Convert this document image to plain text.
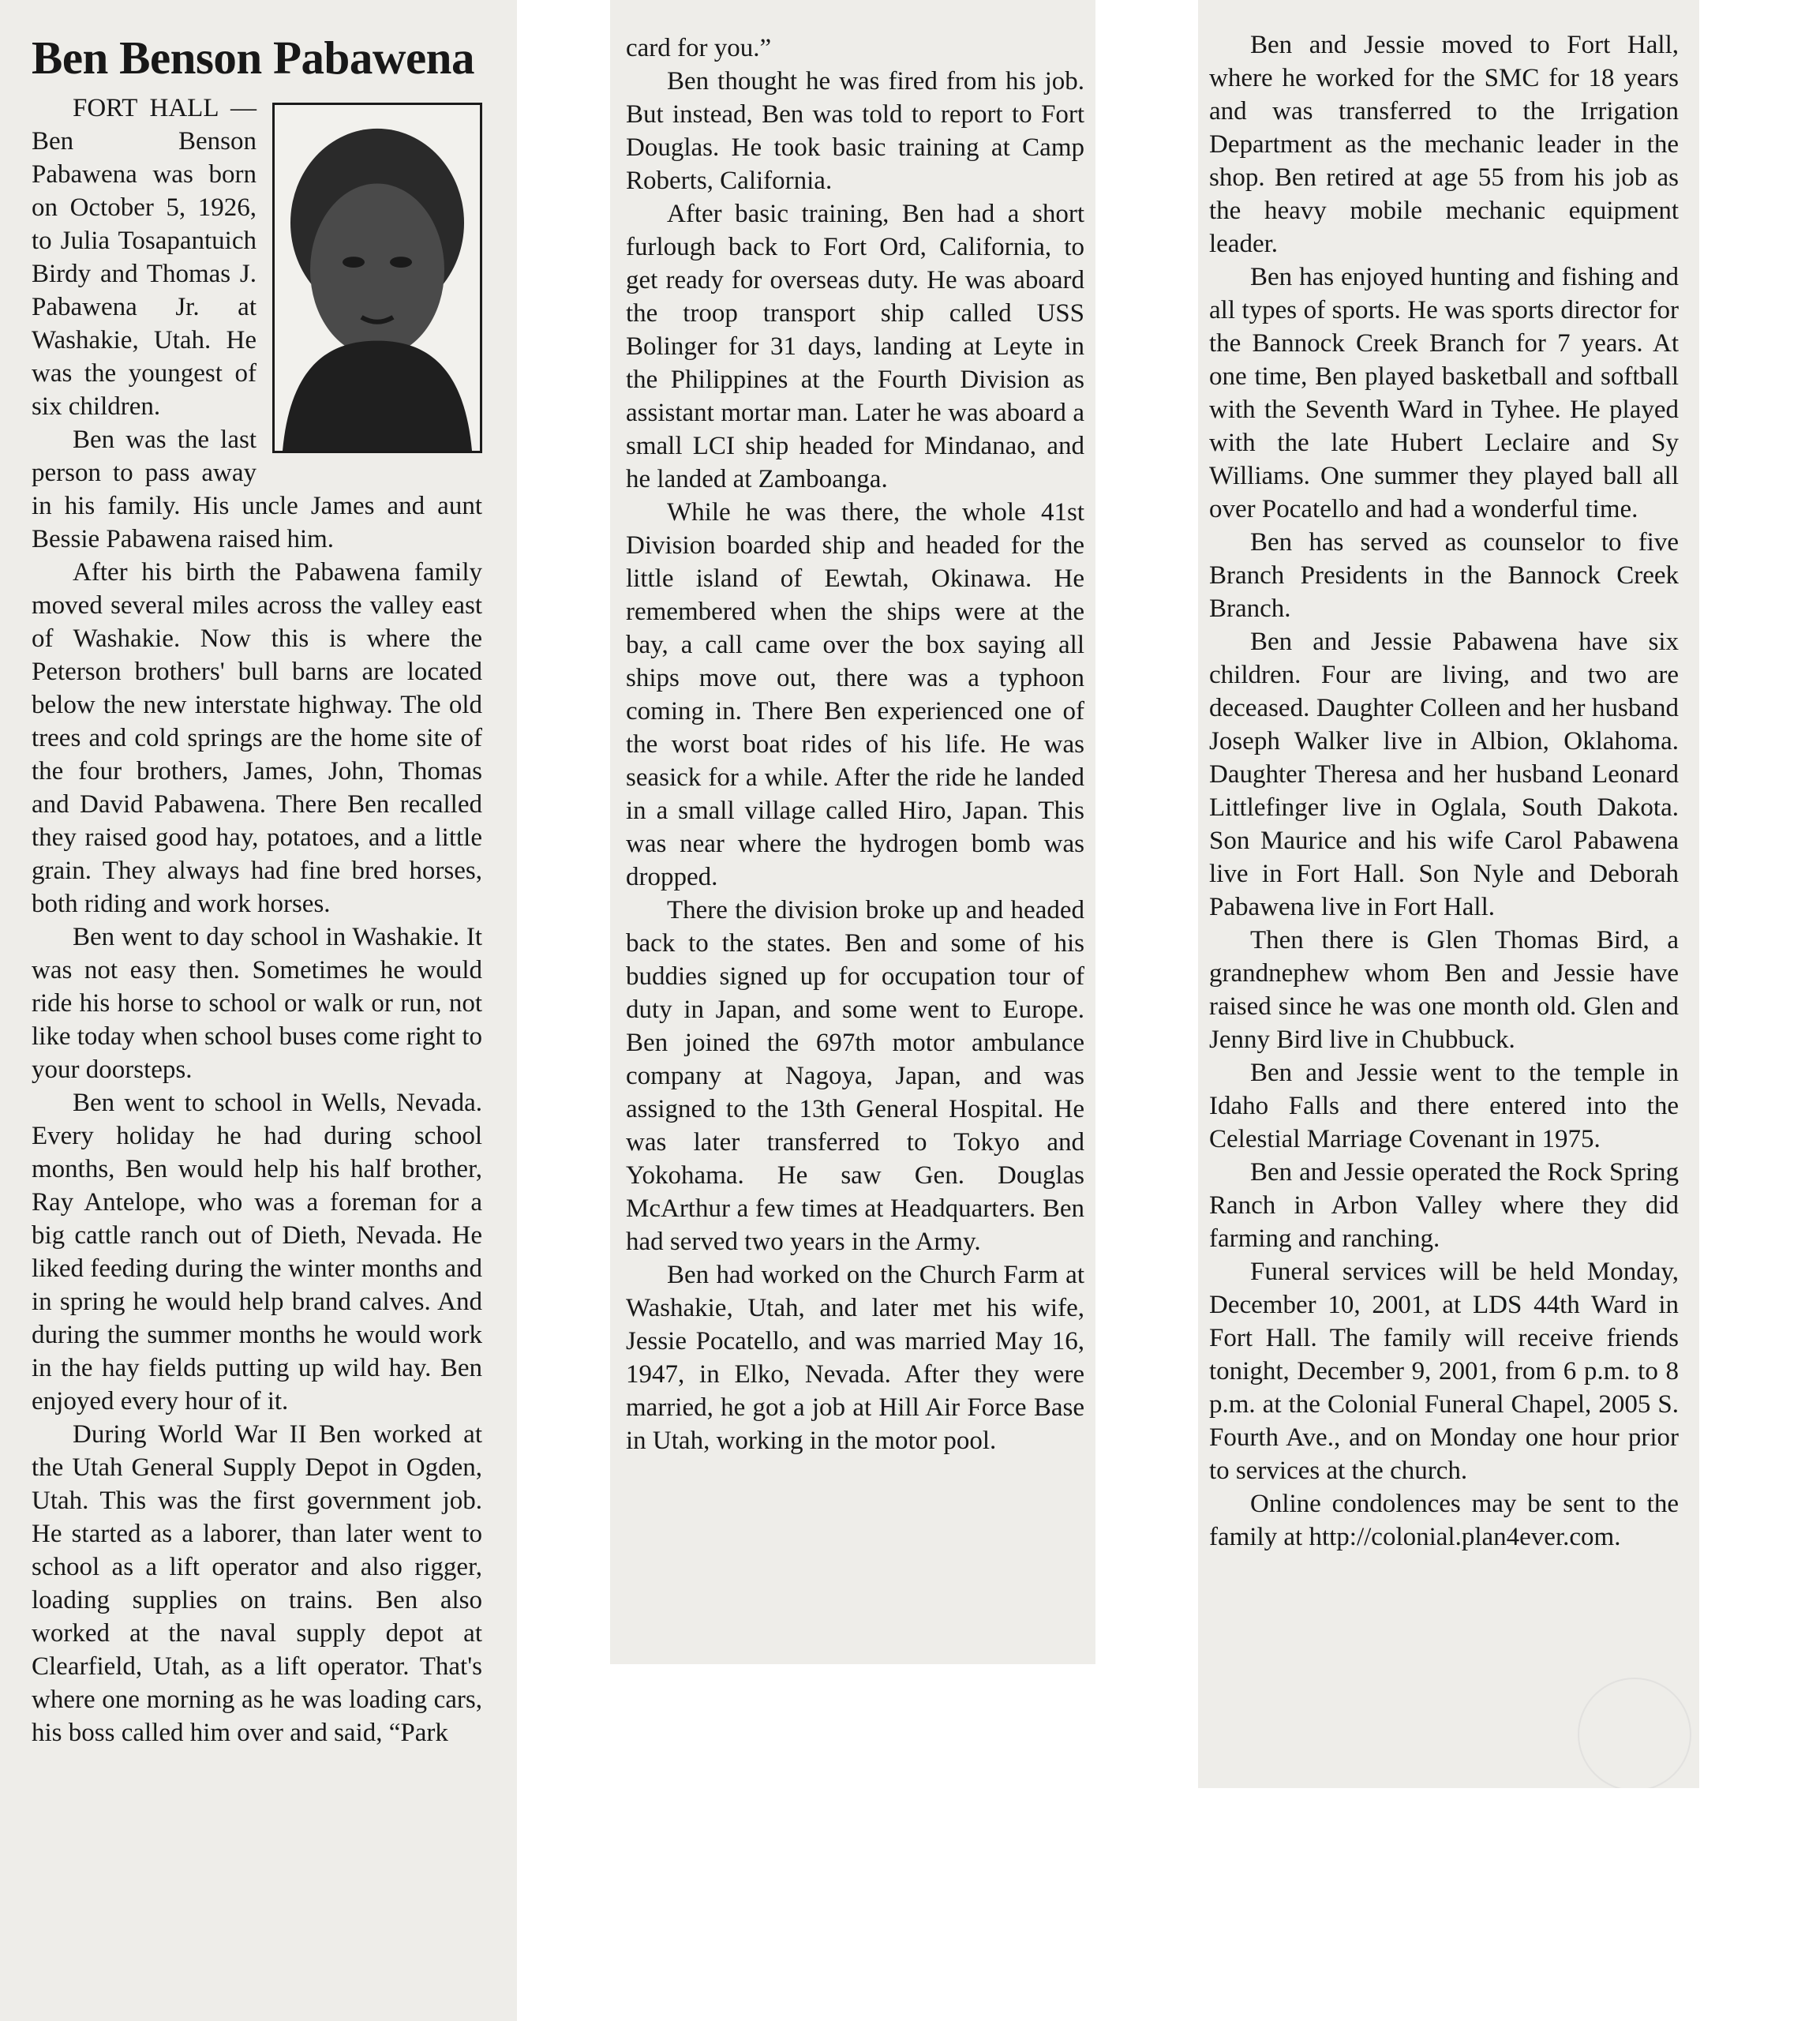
Ben Benson Pabawena

FORT HALL — Ben Benson Pabawena was born on October 5, 1926, to Julia Tosapantuich Birdy and Thomas J. Pabawena Jr. at Washakie, Utah. He was the youngest of six children.

Ben was the last person to pass away in his family. His uncle James and aunt Bessie Pabawena raised him.

After his birth the Pabawena family moved several miles across the valley east of Washakie. Now this is where the Peterson brothers' bull barns are located below the new interstate highway. The old trees and cold springs are the home site of the four brothers, James, John, Thomas and David Pabawena. There Ben recalled they raised good hay, potatoes, and a little grain. They always had fine bred horses, both riding and work horses.

Ben went to day school in Washakie. It was not easy then. Sometimes he would ride his horse to school or walk or run, not like today when school buses come right to your doorsteps.

Ben went to school in Wells, Nevada. Every holiday he had during school months, Ben would help his half brother, Ray Antelope, who was a foreman for a big cattle ranch out of Dieth, Nevada. He liked feeding during the winter months and in spring he would help brand calves. And during the summer months he would work in the hay fields putting up wild hay. Ben enjoyed every hour of it.

During World War II Ben worked at the Utah General Supply Depot in Ogden, Utah. This was the first government job. He started as a laborer, than later went to school as a lift operator and also rigger, loading supplies on trains. Ben also worked at the naval supply depot at Clearfield, Utah, as a lift operator. That's where one morning as he was loading cars, his boss called him over and said, “Park

card for you.”

Ben thought he was fired from his job. But instead, Ben was told to report to Fort Douglas. He took basic training at Camp Roberts, California.

After basic training, Ben had a short furlough back to Fort Ord, California, to get ready for overseas duty. He was aboard the troop transport ship called USS Bolinger for 31 days, landing at Leyte in the Philippines at the Fourth Division as assistant mortar man. Later he was aboard a small LCI ship headed for Mindanao, and he landed at Zamboanga.

While he was there, the whole 41st Division boarded ship and headed for the little island of Eewtah, Okinawa. He remembered when the ships were at the bay, a call came over the box saying all ships move out, there was a typhoon coming in. There Ben experienced one of the worst boat rides of his life. He was seasick for a while. After the ride he landed in a small village called Hiro, Japan. This was near where the hydrogen bomb was dropped.

There the division broke up and headed back to the states. Ben and some of his buddies signed up for occupation tour of duty in Japan, and some went to Europe. Ben joined the 697th motor ambulance company at Nagoya, Japan, and was assigned to the 13th General Hospital. He was later transferred to Tokyo and Yokohama. He saw Gen. Douglas McArthur a few times at Headquarters. Ben had served two years in the Army.

Ben had worked on the Church Farm at Washakie, Utah, and later met his wife, Jessie Pocatello, and was married May 16, 1947, in Elko, Nevada. After they were married, he got a job at Hill Air Force Base in Utah, working in the motor pool.

Ben and Jessie moved to Fort Hall, where he worked for the SMC for 18 years and was transferred to the Irrigation Department as the mechanic leader in the shop. Ben retired at age 55 from his job as the heavy mobile mechanic equipment leader.

Ben has enjoyed hunting and fishing and all types of sports. He was sports director for the Bannock Creek Branch for 7 years. At one time, Ben played basketball and softball with the Seventh Ward in Tyhee. He played with the late Hubert Leclaire and Sy Williams. One summer they played ball all over Pocatello and had a wonderful time.

Ben has served as counselor to five Branch Presidents in the Bannock Creek Branch.

Ben and Jessie Pabawena have six children. Four are living, and two are deceased. Daughter Colleen and her husband Joseph Walker live in Albion, Oklahoma. Daughter Theresa and her husband Leonard Littlefinger live in Oglala, South Dakota. Son Maurice and his wife Carol Pabawena live in Fort Hall. Son Nyle and Deborah Pabawena live in Fort Hall.

Then there is Glen Thomas Bird, a grandnephew whom Ben and Jessie have raised since he was one month old. Glen and Jenny Bird live in Chubbuck.

Ben and Jessie went to the temple in Idaho Falls and there entered into the Celestial Marriage Covenant in 1975.

Ben and Jessie operated the Rock Spring Ranch in Arbon Valley where they did farming and ranching.

Funeral services will be held Monday, December 10, 2001, at LDS 44th Ward in Fort Hall. The family will receive friends tonight, December 9, 2001, from 6 p.m. to 8 p.m. at the Colonial Funeral Chapel, 2005 S. Fourth Ave., and on Monday one hour prior to services at the church.

Online condolences may be sent to the family at http://colonial.plan4ever.com.
